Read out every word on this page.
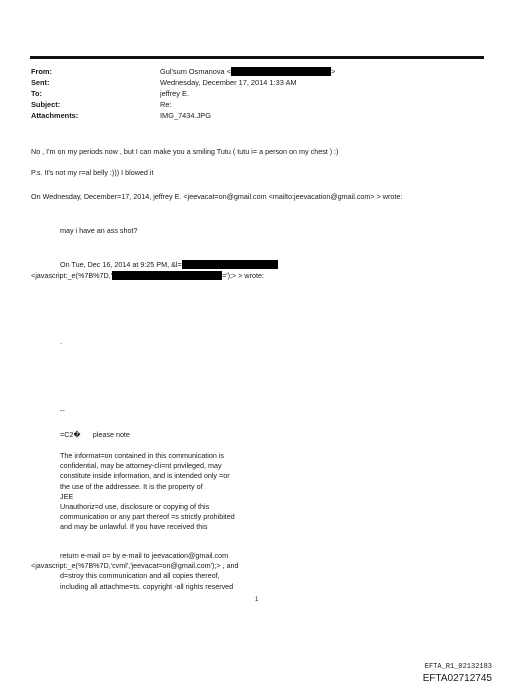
From:	Gul'sum Osmanova <	>
Sent:	Wednesday, December 17, 2014 1:33 AM
To:	jeffrey E.
Subject:	Re:
Attachments:	IMG_7434.JPG
No , I'm on my periods now , but I can make you a smiling Tutu ( tutu i= a person on my chest ) :)
P.s. It's not my r=al belly :))) I blowed it
On Wednesday, December=17, 2014, jeffrey E. <jeevacat=on@gmail.com <mailto:jeevacation@gmail.com> > wrote:
may i have an ass shot?
On Tue, Dec 16, 2014 at 9:25 PM, &l=
<javascript:_e(%7B%7D,'	=');> > wrote:
.
--
=C2� please note
The informat=on contained in this communication is
confidential, may be attorney-cli=nt privileged, may
constitute inside information, and is intended only =or
the use of the addressee. It is the property of
JEE
Unauthoriz=d use, disclosure or copying of this
communication or any part thereof =s strictly prohibited
and may be unlawful. If you have received this
return e-mail o= by e-mail to jeevacation@gmail.com
<javascript:_e(%7B%7D,'cvml','jeevacat=on@gmail.com');> , and
d=stroy this communication and all copies thereof,
including all attachme=ts. copyright -all rights reserved
1
EFTA_R1_02132183
EFTA02712745
